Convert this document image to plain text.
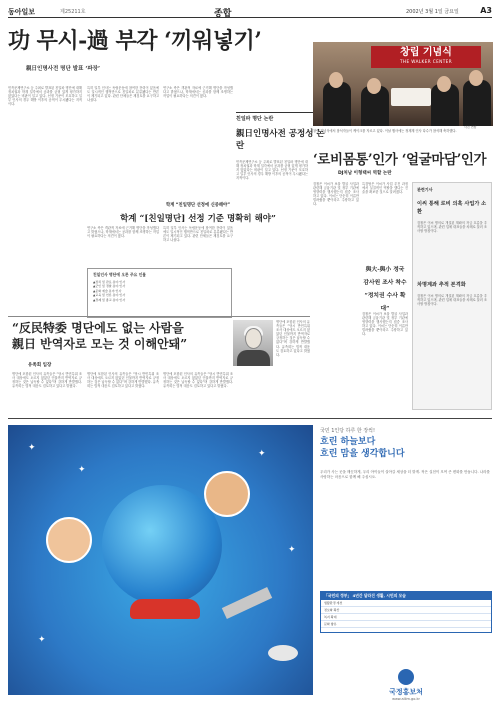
동아일보	제25211호	종합	2002년 3월 1일 금요일	A3
功 무시-過 부각 ‘끼워넣기’
親日인명사전 명단 발표 ‘파장’
민족문제연구소 등 주최로 발표된 친일파 명단에 대해 정치권과 학계 일각에서 공과를 균형 있게 평가하지 않았다는 비판이 일고 있다. 선정 기준이 모호하고 일부 인사의 경우 해방 이후의 공적이 무시됐다는 지적이다.
특히 일부 인사는 독립운동에 참여한 전력이 있음에도 일시적인 행적만으로 친일파로 분류됐다는 반론이 제기되고 있다. 관련 단체들은 재검토를 요구하고 나섰다.
연구소 측은 객관적 자료에 근거해 명단을 작성했다고 밝혔으나, 학계에서는 공과를 함께 조명하는 작업이 필요하다는 의견이 많다.
학계 “친일명단 선정에 신중해야”
학계 “[친일명단] 선정 기준 명확히 해야”
연구소 측은 객관적 자료에 근거해 명단을 작성했다고 밝혔으나, 학계에서는 공과를 함께 조명하는 작업이 필요하다는 의견이 많다.
특히 일부 인사는 독립운동에 참여한 전력이 있음에도 일시적인 행적만으로 친일파로 분류됐다는 반론이 제기되고 있다. 관련 단체들은 재검토를 요구하고 나섰다.
친일인사 명단에 오른 주요 인물
▲정치 및 관료 분야 인사
▲군인 및 경찰 분야 인사
▲문화 예술 분야 인사
▲교육 및 언론 분야 인사
▲경제 및 종교 분야 인사
친일파 명단 논란
親日인명사전 공정성 논란
민족문제연구소 등 주최로 발표된 친일파 명단에 대해 정치권과 학계 일각에서 공과를 균형 있게 평가하지 않았다는 비판이 일고 있다. 선정 기준이 모호하고 일부 인사의 경우 해방 이후의 공적이 무시됐다는 지적이다.
“反民特委 명단에도 없는 사람을
親日 반역자로 모는 것 이해안돼”
유족회 입장
명단에 포함된 인사의 유족들은 “당시 반민특위 조사 대상에도 오르지 않았던 인물까지 반역자로 규정하는 것은 납득할 수 없다”며 강하게 반발했다. 유족회는 법적 대응도 검토하고 있다고 밝혔다.
명단에 포함된 인사의 유족들은 “당시 반민특위 조사 대상에도 오르지 않았던 인물까지 반역자로 규정하는 것은 납득할 수 없다”며 강하게 반발했다. 유족회는 법적 대응도 검토하고 있다고 밝혔다.
명단에 포함된 인사의 유족들은 “당시 반민특위 조사 대상에도 오르지 않았던 인물까지 반역자로 규정하는 것은 납득할 수 없다”며 강하게 반발했다. 유족회는 법적 대응도 검토하고 있다고 밝혔다.
명단에 포함된 인사의 유족들은 “당시 반민특위 조사 대상에도 오르지 않았던 인물까지 반역자로 규정하는 것은 납득할 수 없다”며 강하게 반발했다. 유족회는 법적 대응도 검토하고 있다고 밝혔다.
창립 기념식
THE WALKER CENTER
사진 연합
창립 기념식에서 참석자들이 케이크를 자르고 있다. 이날 행사에는 정재계 인사 다수가 참석해 축하했다.
‘로비몸통’인가 ‘얼굴마담’인가
DJ처남 이형택씨 역할 논란
검찰은 이씨가 보물 발굴 사업과 관련해 금융기관 및 정부 기관에 영향력을 행사했는지 집중 조사하고 있다. 이씨는 단순히 이름만 빌려줬을 뿐이라고 주장하고 있다.
특검팀은 이씨가 사업 추진 과정에서 실질적인 역할을 했다는 진술을 확보한 것으로 알려졌다.
與大-與小 정국
감사원 조사 착수
“정치권 수사 확대”
검찰은 이씨가 보물 발굴 사업과 관련해 금융기관 및 정부 기관에 영향력을 행사했는지 집중 조사하고 있다. 이씨는 단순히 이름만 빌려줬을 뿐이라고 주장하고 있다.
관련기사
이씨 통해 로비 의혹 사업가 소환
검찰은 이씨 명의로 개설된 계좌의 자금 흐름을 추적하고 있으며, 관련 업체 대표들을 차례로 불러 조사할 방침이다.
차명계좌 추적 본격화
검찰은 이씨 명의로 개설된 계좌의 자금 흐름을 추적하고 있으며, 관련 업체 대표들을 차례로 불러 조사할 방침이다.
✦
✦
✦
✦
✦
국민 1인당 하루 한 장씩!
흐린 하늘보다
흐린 맘을 생각합니다
우리가 사는 곳을 깨끗하게, 우리 아이들이 살아갈 세상을 더 밝게. 작은 실천이 모여 큰 변화를 만듭니다. 나라를 사랑하는 마음으로 함께 해 주십시오.
「국민의 정부」 4년간 달라진 생활, 시민의 모습
생활환경 개선
정보화 확산
복지 확대
문화 향유
국정홍보처
www.allim.go.kr
